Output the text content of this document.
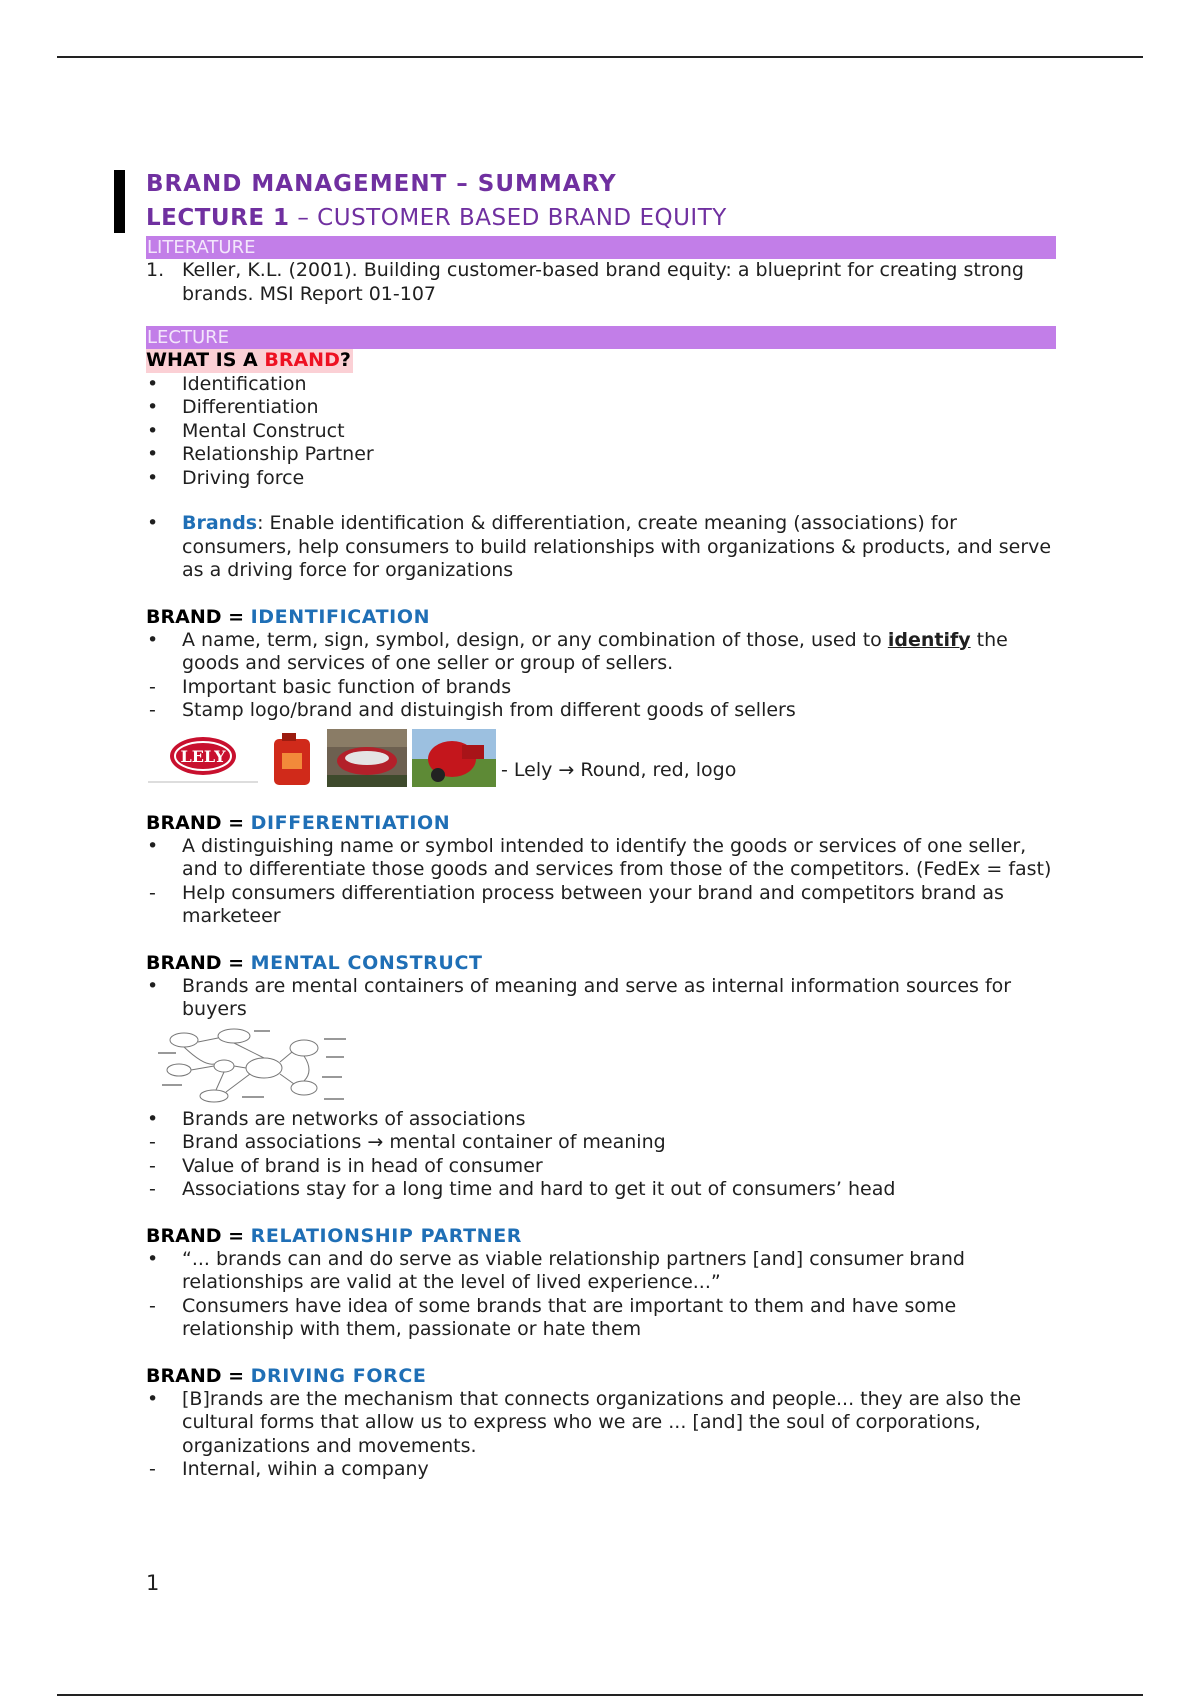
BRAND MANAGEMENT – SUMMARY
LECTURE 1 – CUSTOMER BASED BRAND EQUITY
LITERATURE
1. Keller, K.L. (2001). Building customer-based brand equity: a blueprint for creating strong brands. MSI Report 01-107
LECTURE
WHAT IS A BRAND?
• Identification
• Differentiation
• Mental Construct
• Relationship Partner
• Driving force
• Brands: Enable identification & differentiation, create meaning (associations) for consumers, help consumers to build relationships with organizations & products, and serve as a driving force for organizations
BRAND = IDENTIFICATION
• A name, term, sign, symbol, design, or any combination of those, used to identify the goods and services of one seller or group of sellers.
- Important basic function of brands
- Stamp logo/brand and distuingish from different goods of sellers
LELY
- Lely → Round, red, logo
BRAND = DIFFERENTIATION
• A distinguishing name or symbol intended to identify the goods or services of one seller, and to differentiate those goods and services from those of the competitors. (FedEx = fast)
- Help consumers differentiation process between your brand and competitors brand as marketeer
BRAND = MENTAL CONSTRUCT
• Brands are mental containers of meaning and serve as internal information sources for buyers
• Brands are networks of associations
- Brand associations → mental container of meaning
- Value of brand is in head of consumer
- Associations stay for a long time and hard to get it out of consumers’ head
BRAND = RELATIONSHIP PARTNER
• “... brands can and do serve as viable relationship partners [and] consumer brand relationships are valid at the level of lived experience...”
- Consumers have idea of some brands that are important to them and have some relationship with them, passionate or hate them
BRAND = DRIVING FORCE
• [B]rands are the mechanism that connects organizations and people... they are also the cultural forms that allow us to express who we are ... [and] the soul of corporations, organizations and movements.
- Internal, wihin a company
1
